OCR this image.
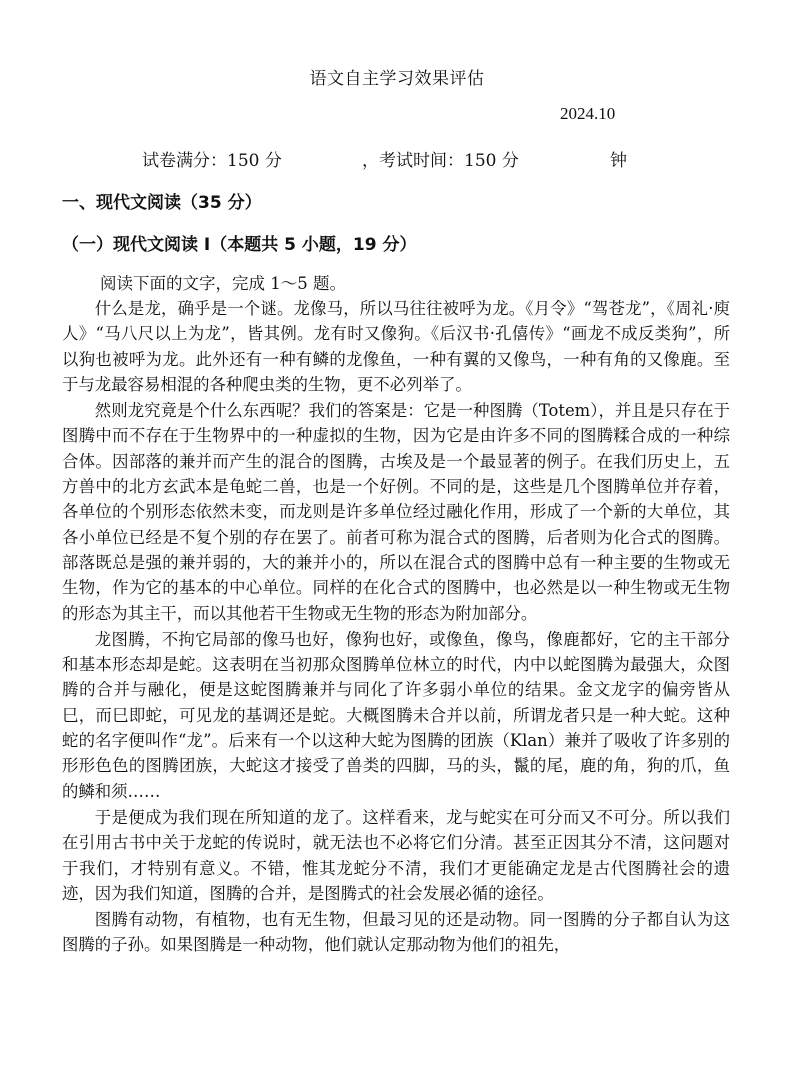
语文自主学习效果评估
2024.10
试卷满分：150 分	，考试时间：150 分	钟
一、现代文阅读（35 分）
（一）现代文阅读 I（本题共 5 小题，19 分）
阅读下面的文字，完成 1～5 题。

什么是龙，确乎是一个谜。龙像马，所以马往往被呼为龙。《月令》“驾苍龙”，《周礼·庾人》“马八尺以上为龙”，皆其例。龙有时又像狗。《后汉书·孔僖传》“画龙不成反类狗”，所以狗也被呼为龙。此外还有一种有鳞的龙像鱼，一种有翼的又像鸟，一种有角的又像鹿。至于与龙最容易相混的各种爬虫类的生物，更不必列举了。

然则龙究竟是个什么东西呢？我们的答案是：它是一种图腾（Totem），并且是只存在于图腾中而不存在于生物界中的一种虚拟的生物，因为它是由许多不同的图腾糅合成的一种综合体。因部落的兼并而产生的混合的图腾，古埃及是一个最显著的例子。在我们历史上，五方兽中的北方玄武本是龟蛇二兽，也是一个好例。不同的是，这些是几个图腾单位并存着，各单位的个别形态依然未变，而龙则是许多单位经过融化作用，形成了一个新的大单位，其各小单位已经是不复个别的存在罢了。前者可称为混合式的图腾，后者则为化合式的图腾。部落既总是强的兼并弱的，大的兼并小的，所以在混合式的图腾中总有一种主要的生物或无生物，作为它的基本的中心单位。同样的在化合式的图腾中，也必然是以一种生物或无生物的形态为其主干，而以其他若干生物或无生物的形态为附加部分。

龙图腾，不拘它局部的像马也好，像狗也好，或像鱼，像鸟，像鹿都好，它的主干部分和基本形态却是蛇。这表明在当初那众图腾单位林立的时代，内中以蛇图腾为最强大，众图腾的合并与融化，便是这蛇图腾兼并与同化了许多弱小单位的结果。金文龙字的偏旁皆从巳，而巳即蛇，可见龙的基调还是蛇。大概图腾未合并以前，所谓龙者只是一种大蛇。这种蛇的名字便叫作“龙”。后来有一个以这种大蛇为图腾的团族（Klan）兼并了吸收了许多别的形形色色的图腾团族，大蛇这才接受了兽类的四脚，马的头，鬣的尾，鹿的角，狗的爪，鱼的鳞和须……

于是便成为我们现在所知道的龙了。这样看来，龙与蛇实在可分而又不可分。所以我们在引用古书中关于龙蛇的传说时，就无法也不必将它们分清。甚至正因其分不清，这问题对于我们，才特别有意义。不错，惟其龙蛇分不清，我们才更能确定龙是古代图腾社会的遗迹，因为我们知道，图腾的合并，是图腾式的社会发展必循的途径。

图腾有动物，有植物，也有无生物，但最习见的还是动物。同一图腾的分子都自认为这图腾的子孙。如果图腾是一种动物，他们就认定那动物为他们的祖先，
